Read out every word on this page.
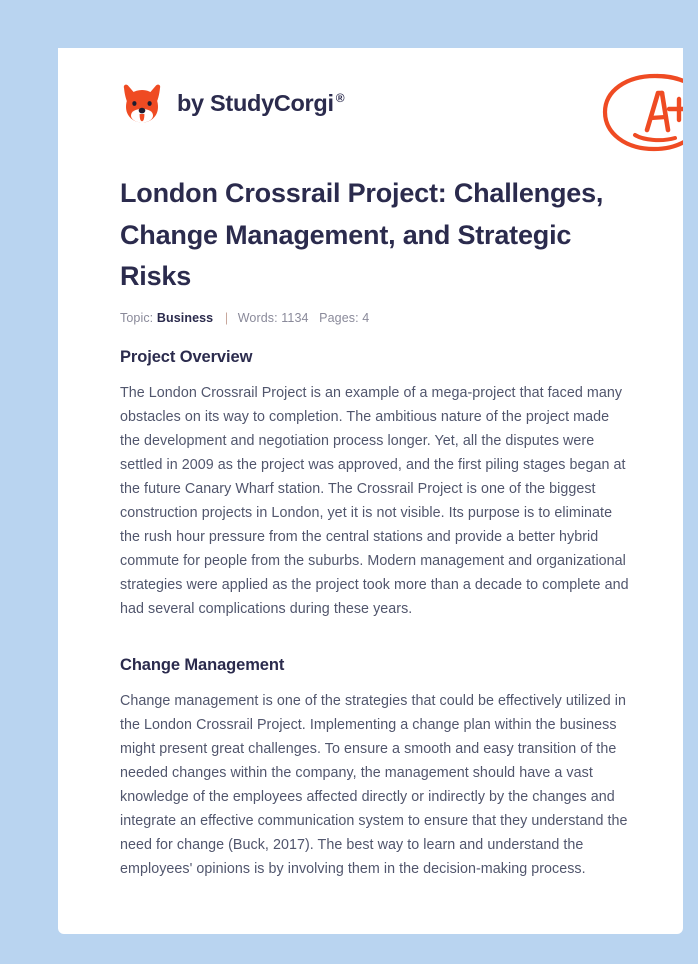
by StudyCorgi ®
London Crossrail Project: Challenges, Change Management, and Strategic Risks
Topic: Business | Words: 1134 Pages: 4
Project Overview

The London Crossrail Project is an example of a mega-project that faced many obstacles on its way to completion. The ambitious nature of the project made the development and negotiation process longer. Yet, all the disputes were settled in 2009 as the project was approved, and the first piling stages began at the future Canary Wharf station. The Crossrail Project is one of the biggest construction projects in London, yet it is not visible. Its purpose is to eliminate the rush hour pressure from the central stations and provide a better hybrid commute for people from the suburbs. Modern management and organizational strategies were applied as the project took more than a decade to complete and had several complications during these years.

Change Management

Change management is one of the strategies that could be effectively utilized in the London Crossrail Project. Implementing a change plan within the business might present great challenges. To ensure a smooth and easy transition of the needed changes within the company, the management should have a vast knowledge of the employees affected directly or indirectly by the changes and integrate an effective communication system to ensure that they understand the need for change (Buck, 2017). The best way to learn and understand the employees' opinions is by involving them in the decision-making process.
